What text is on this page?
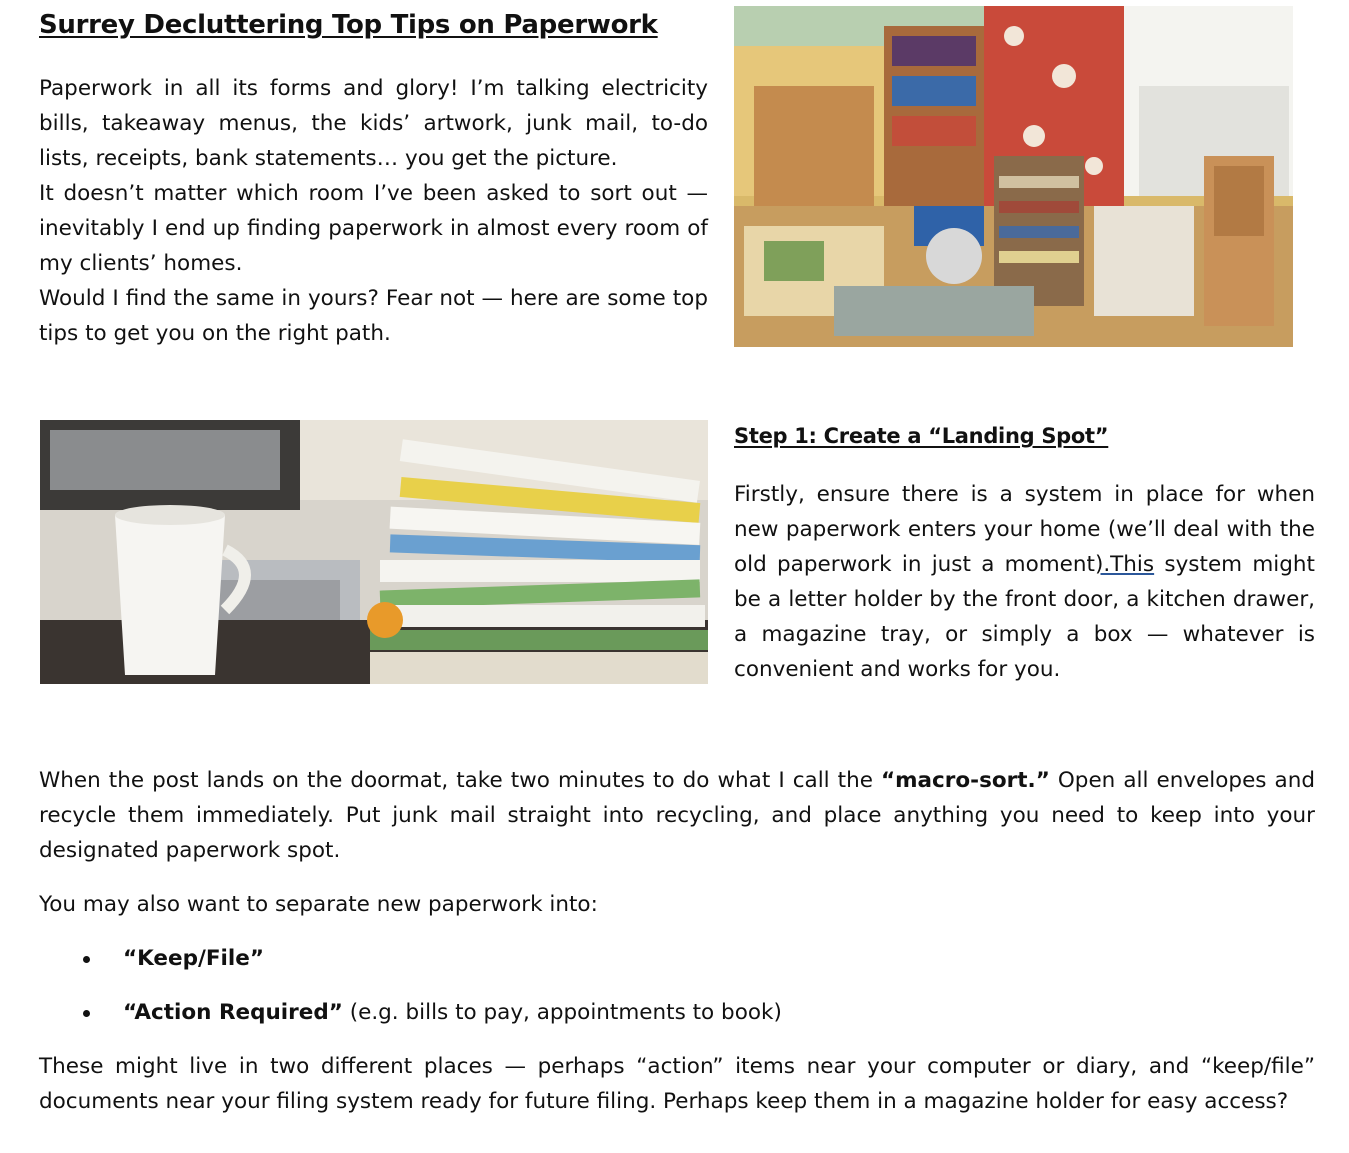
Surrey Decluttering Top Tips on Paperwork

Paperwork in all its forms and glory! I’m talking electricity bills, takeaway menus, the kids’ artwork, junk mail, to-do lists, receipts, bank statements… you get the picture.

It doesn’t matter which room I’ve been asked to sort out — inevitably I end up finding paperwork in almost every room of my clients’ homes.

Would I find the same in yours? Fear not — here are some top tips to get you on the right path.

Step 1: Create a “Landing Spot”

Firstly, ensure there is a system in place for when new paperwork enters your home (we’ll deal with the old paperwork in just a moment).This system might be a letter holder by the front door, a kitchen drawer, a magazine tray, or simply a box — whatever is convenient and works for you.

When the post lands on the doormat, take two minutes to do what I call the “macro-sort.” Open all envelopes and recycle them immediately. Put junk mail straight into recycling, and place anything you need to keep into your designated paperwork spot.

You may also want to separate new paperwork into:

“Keep/File”
“Action Required” (e.g. bills to pay, appointments to book)

These might live in two different places — perhaps “action” items near your computer or diary, and “keep/file” documents near your filing system ready for future filing. Perhaps keep them in a magazine holder for easy access?
